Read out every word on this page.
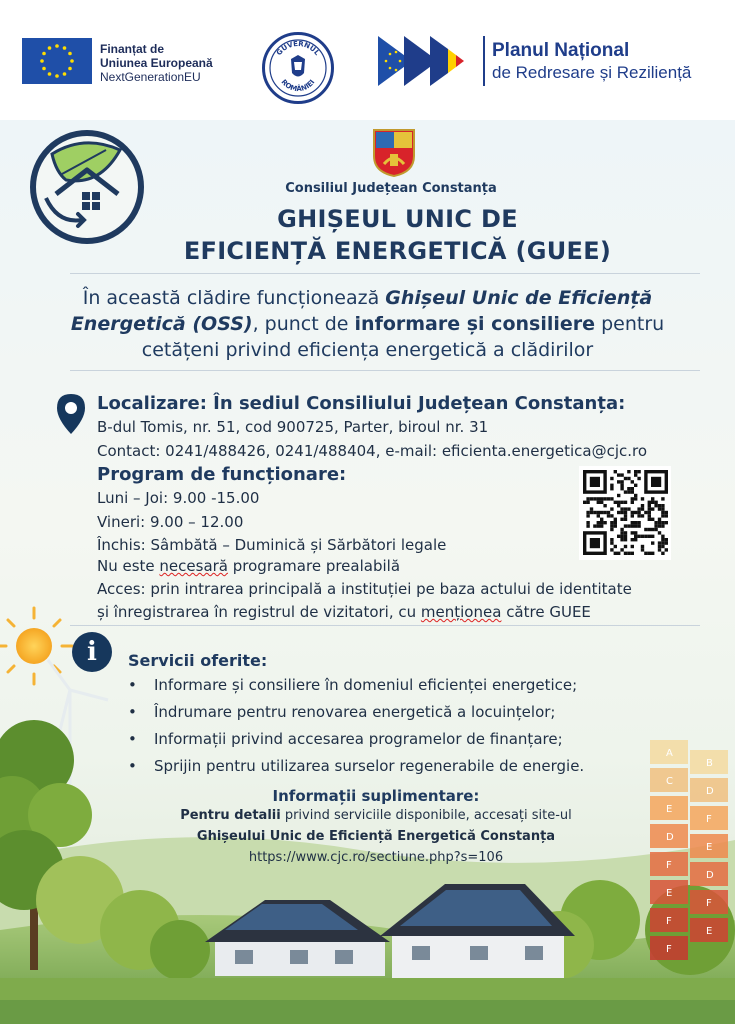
Finanțat de
Uniunea Europeană
NextGenerationEU
GUVERNUL
ROMÂNIEI
Planul Național
de Redresare și Reziliență
A
B
C
D
E
F
D
E
F
D
E
F
F
E
F
Consiliul Județean Constanța
GHIȘEUL UNIC DE
EFICIENȚĂ ENERGETICĂ (GUEE)
În această clădire funcționează Ghișeul Unic de Eficiență Energetică (OSS), punct de informare și consiliere pentru cetățeni privind eficiența energetică a clădirilor
Localizare: În sediul Consiliului Județean Constanța:
B-dul Tomis, nr. 51, cod 900725, Parter, biroul nr. 31
Contact: 0241/488426, 0241/488404, e-mail: eficienta.energetica@cjc.ro
Program de funcționare:
Luni – Joi: 9.00 -15.00
Vineri: 9.00 – 12.00
Închis: Sâmbătă – Duminică și Sărbători legale
Nu este necesară programare prealabilă
Acces: prin intrarea principală a instituției pe baza actului de identitate
și înregistrarea în registrul de vizitatori, cu menționea către GUEE
i	Servicii oferite:
• Informare și consiliere în domeniul eficienței energetice;
• Îndrumare pentru renovarea energetică a locuințelor;
• Informații privind accesarea programelor de finanțare;
• Sprijin pentru utilizarea surselor regenerabile de energie.
Informații suplimentare:
Pentru detalii privind serviciile disponibile, accesați site-ul
Ghișeului Unic de Eficiență Energetică Constanța
https://www.cjc.ro/sectiune.php?s=106
